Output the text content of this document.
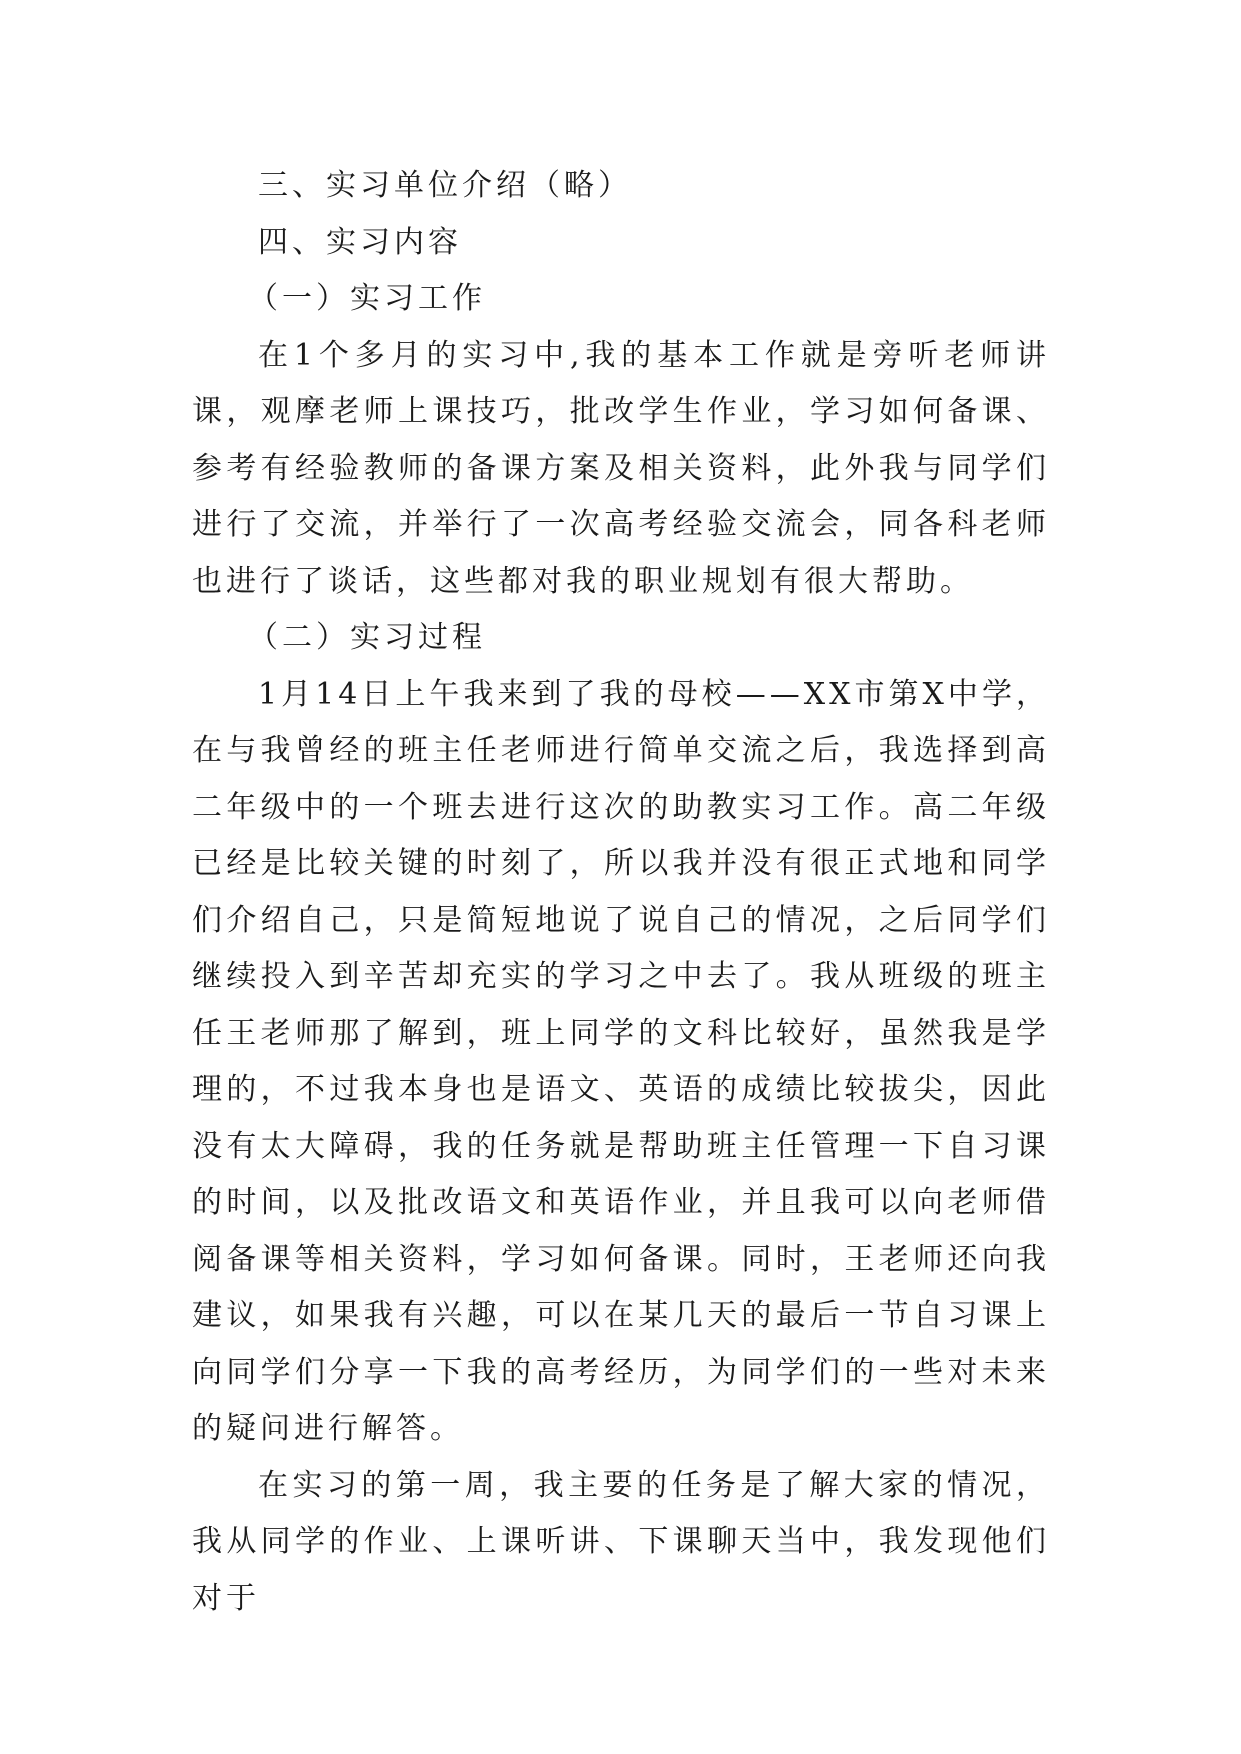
三、实习单位介绍（略）

四、实习内容

（一）实习工作

在1个多月的实习中,我的基本工作就是旁听老师讲课，观摩老师上课技巧，批改学生作业，学习如何备课、参考有经验教师的备课方案及相关资料，此外我与同学们进行了交流，并举行了一次高考经验交流会，同各科老师也进行了谈话，这些都对我的职业规划有很大帮助。

（二）实习过程

1月14日上午我来到了我的母校——XX市第X中学，在与我曾经的班主任老师进行简单交流之后，我选择到高二年级中的一个班去进行这次的助教实习工作。高二年级已经是比较关键的时刻了，所以我并没有很正式地和同学们介绍自己，只是简短地说了说自己的情况，之后同学们继续投入到辛苦却充实的学习之中去了。我从班级的班主任王老师那了解到，班上同学的文科比较好，虽然我是学理的，不过我本身也是语文、英语的成绩比较拔尖，因此没有太大障碍，我的任务就是帮助班主任管理一下自习课的时间，以及批改语文和英语作业，并且我可以向老师借阅备课等相关资料，学习如何备课。同时，王老师还向我建议，如果我有兴趣，可以在某几天的最后一节自习课上向同学们分享一下我的高考经历，为同学们的一些对未来的疑问进行解答。

在实习的第一周，我主要的任务是了解大家的情况，我从同学的作业、上课听讲、下课聊天当中，我发现他们对于
